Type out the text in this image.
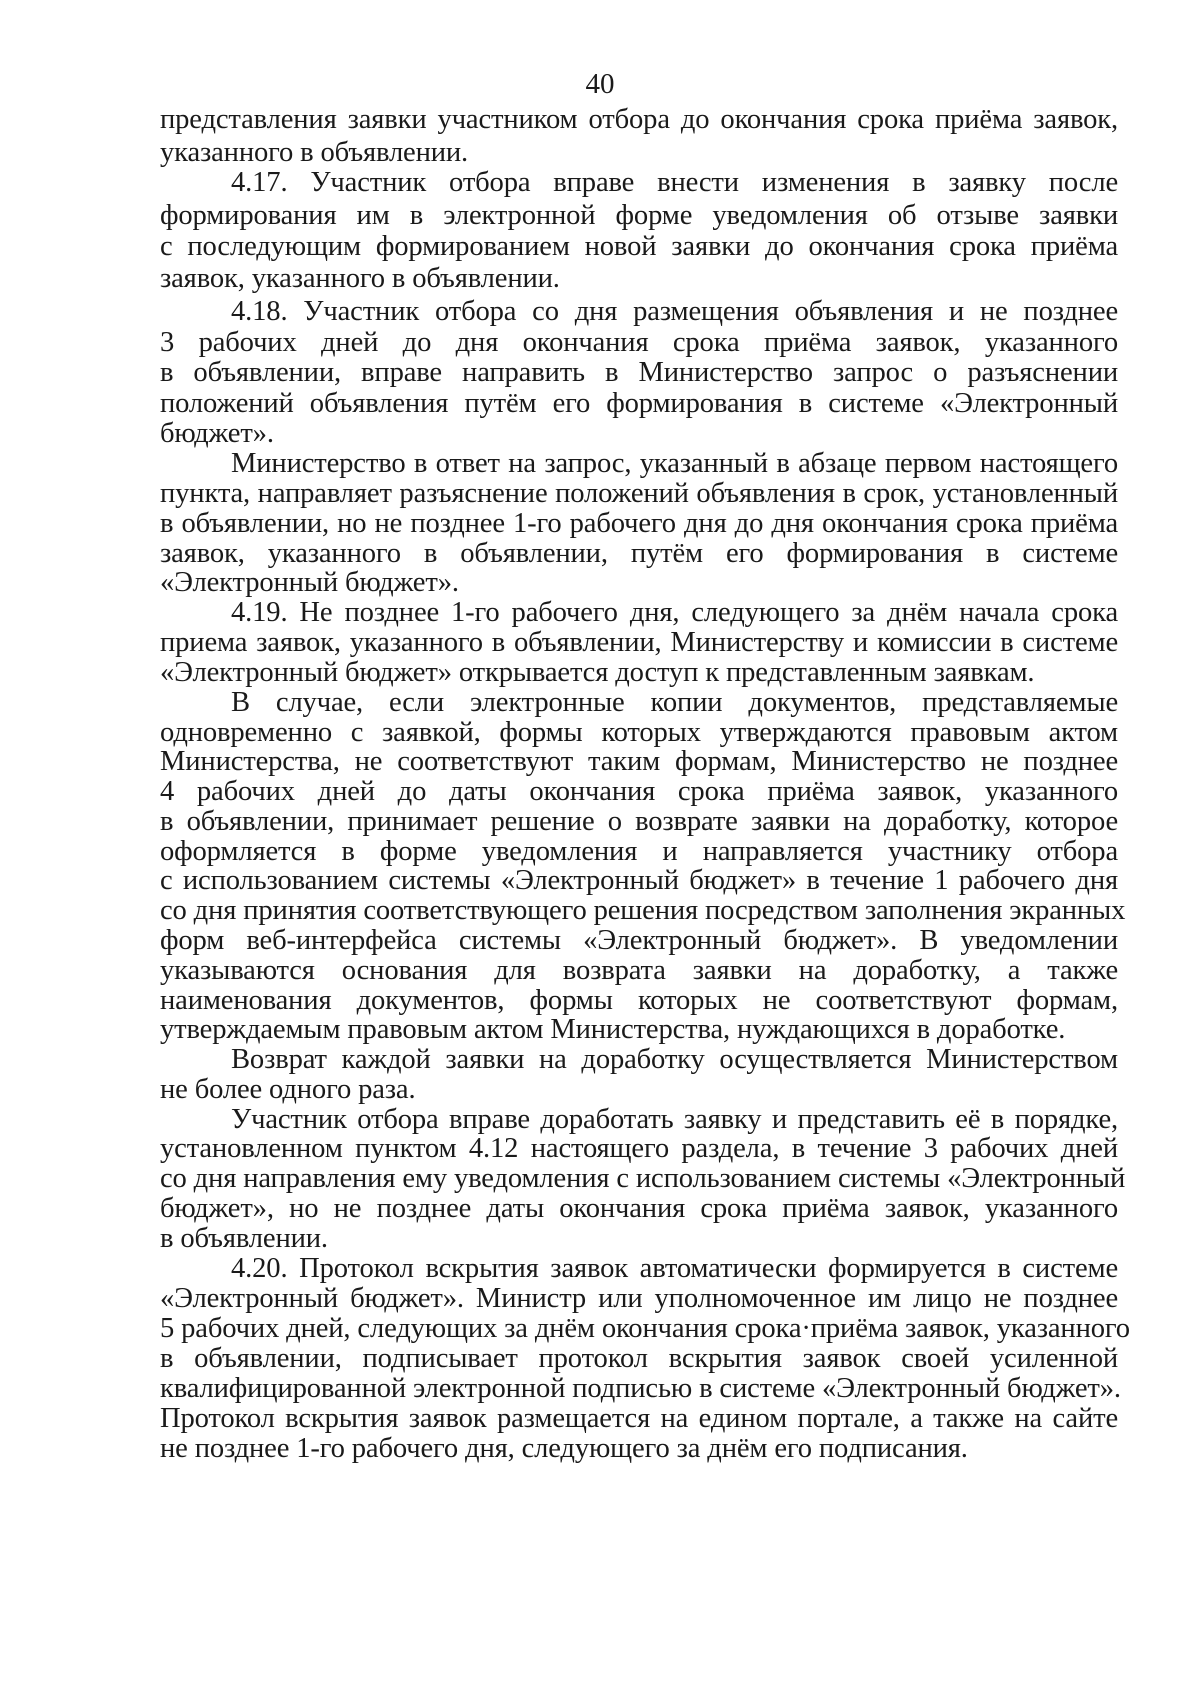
40
представления заявки участником отбора до окончания срока приёма заявок,
указанного в объявлении.
4.17. Участник отбора вправе внести изменения в заявку после
формирования им в электронной форме уведомления об отзыве заявки
с последующим формированием новой заявки до окончания срока приёма
заявок, указанного в объявлении.
4.18. Участник отбора со дня размещения объявления и не позднее
3 рабочих дней до дня окончания срока приёма заявок, указанного
в объявлении, вправе направить в Министерство запрос о разъяснении
положений объявления путём его формирования в системе «Электронный
бюджет».
Министерство в ответ на запрос, указанный в абзаце первом настоящего
пункта, направляет разъяснение положений объявления в срок, установленный
в объявлении, но не позднее 1-го рабочего дня до дня окончания срока приёма
заявок, указанного в объявлении, путём его формирования в системе
«Электронный бюджет».
4.19. Не позднее 1-го рабочего дня, следующего за днём начала срока
приема заявок, указанного в объявлении, Министерству и комиссии в системе
«Электронный бюджет» открывается доступ к представленным заявкам.
В случае, если электронные копии документов, представляемые
одновременно с заявкой, формы которых утверждаются правовым актом
Министерства, не соответствуют таким формам, Министерство не позднее
4 рабочих дней до даты окончания срока приёма заявок, указанного
в объявлении, принимает решение о возврате заявки на доработку, которое
оформляется в форме уведомления и направляется участнику отбора
с использованием системы «Электронный бюджет» в течение 1 рабочего дня
со дня принятия соответствующего решения посредством заполнения экранных
форм веб-интерфейса системы «Электронный бюджет». В уведомлении
указываются основания для возврата заявки на доработку, а также
наименования документов, формы которых не соответствуют формам,
утверждаемым правовым актом Министерства, нуждающихся в доработке.
Возврат каждой заявки на доработку осуществляется Министерством
не более одного раза.
Участник отбора вправе доработать заявку и представить её в порядке,
установленном пунктом 4.12 настоящего раздела, в течение 3 рабочих дней
со дня направления ему уведомления с использованием системы «Электронный
бюджет», но не позднее даты окончания срока приёма заявок, указанного
в объявлении.
4.20. Протокол вскрытия заявок автоматически формируется в системе
«Электронный бюджет». Министр или уполномоченное им лицо не позднее
5 рабочих дней, следующих за днём окончания срока·приёма заявок, указанного
в объявлении, подписывает протокол вскрытия заявок своей усиленной
квалифицированной электронной подписью в системе «Электронный бюджет».
Протокол вскрытия заявок размещается на едином портале, а также на сайте
не позднее 1-го рабочего дня, следующего за днём его подписания.
